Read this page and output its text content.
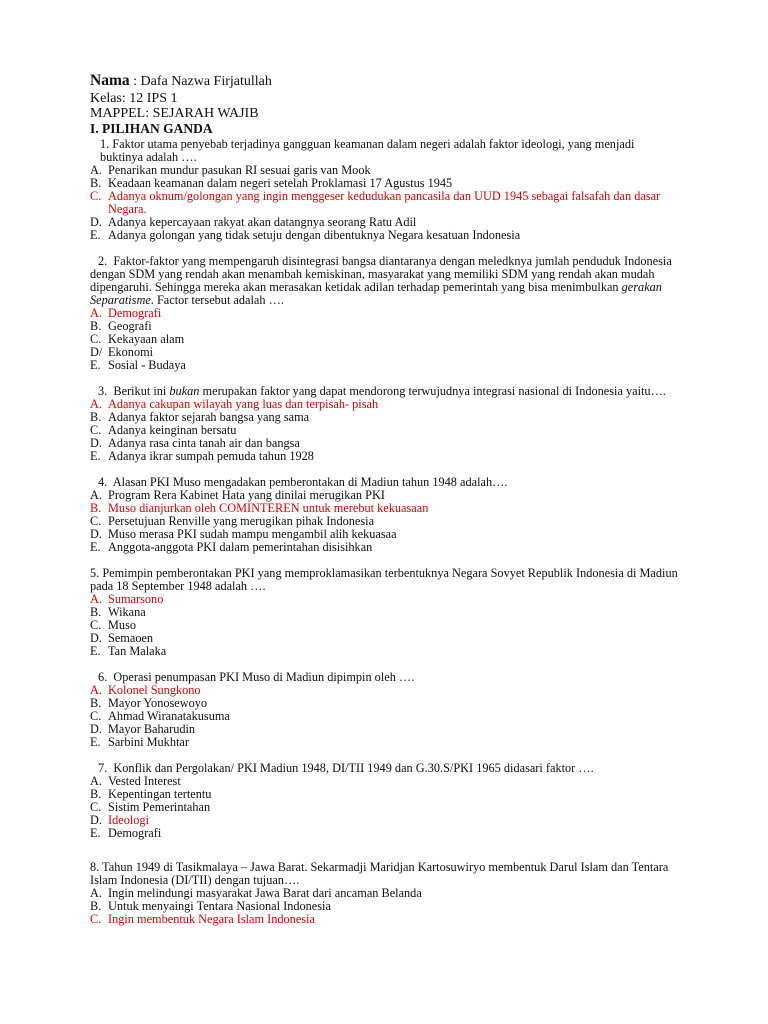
Nama : Dafa Nazwa Firjatullah
Kelas: 12 IPS 1
MAPPEL: SEJARAH WAJIB
I. PILIHAN GANDA
1. Faktor utama penyebab terjadinya gangguan keamanan dalam negeri adalah faktor ideologi, yang menjadi buktinya adalah ….
A. Penarikan mundur pasukan RI sesuai garis van Mook
B. Keadaan keamanan dalam negeri setelah Proklamasi 17 Agustus 1945
C. Adanya oknum/golongan yang ingin menggeser kedudukan pancasila dan UUD 1945 sebagai falsafah dan dasar Negara.
D. Adanya kepercayaan rakyat akan datangnya seorang Ratu Adil
E. Adanya golongan yang tidak setuju dengan dibentuknya Negara kesatuan Indonesia
2. Faktor-faktor yang mempengaruh disintegrasi bangsa diantaranya dengan meledknya jumlah penduduk Indonesia dengan SDM yang rendah akan menambah kemiskinan, masyarakat yang memiliki SDM yang rendah akan mudah dipengaruhi. Sehingga mereka akan merasakan ketidak adilan terhadap pemerintah yang bisa menimbulkan gerakan Separatisme. Factor tersebut adalah ….
A. Demografi
B. Geografi
C. Kekayaan alam
D/ Ekonomi
E. Sosial - Budaya
3. Berikut ini bukan merupakan faktor yang dapat mendorong terwujudnya integrasi nasional di Indonesia yaitu….
A. Adanya cakupan wilayah yang luas dan terpisah- pisah
B. Adanya faktor sejarah bangsa yang sama
C. Adanya keinginan bersatu
D. Adanya rasa cinta tanah air dan bangsa
E. Adanya ikrar sumpah pemuda tahun 1928
4.  Alasan PKI Muso mengadakan pemberontakan di Madiun tahun 1948 adalah….
A. Program Rera Kabinet Hata yang dinilai merugikan PKI
B. Muso dianjurkan oleh COMINTEREN untuk merebut kekuasaan
C. Persetujuan Renville yang merugikan pihak Indonesia
D. Muso merasa PKI sudah mampu mengambil alih kekuasaa
E. Anggota-anggota PKI dalam pemerintahan disisihkan
5. Pemimpin pemberontakan PKI yang memproklamasikan terbentuknya Negara Sovyet Republik Indonesia di Madiun pada 18 September 1948 adalah ….
A. Sumarsono
B. Wikana
C. Muso
D. Semaoen
E. Tan Malaka
6. Operasi penumpasan PKI Muso di Madiun dipimpin oleh ….
A. Kolonel Sungkono
B. Mayor Yonosewoyo
C. Ahmad Wiranatakusuma
D. Mayor Baharudin
E. Sarbini Mukhtar
7. Konflik dan Pergolakan/ PKI Madiun 1948, DI/TII 1949 dan G.30.S/PKI 1965 didasari faktor ….
A. Vested Interest
B. Kepentingan tertentu
C. Sistim Pemerintahan
D. Ideologi
E. Demografi
8. Tahun 1949 di Tasikmalaya – Jawa Barat. Sekarmadji Maridjan Kartosuwiryo membentuk Darul Islam dan Tentara Islam Indonesia (DI/TII) dengan tujuan….
A. Ingin melindungi masyarakat Jawa Barat dari ancaman Belanda
B. Untuk menyaingi Tentara Nasional Indonesia
C. Ingin membentuk Negara Islam Indonesia
